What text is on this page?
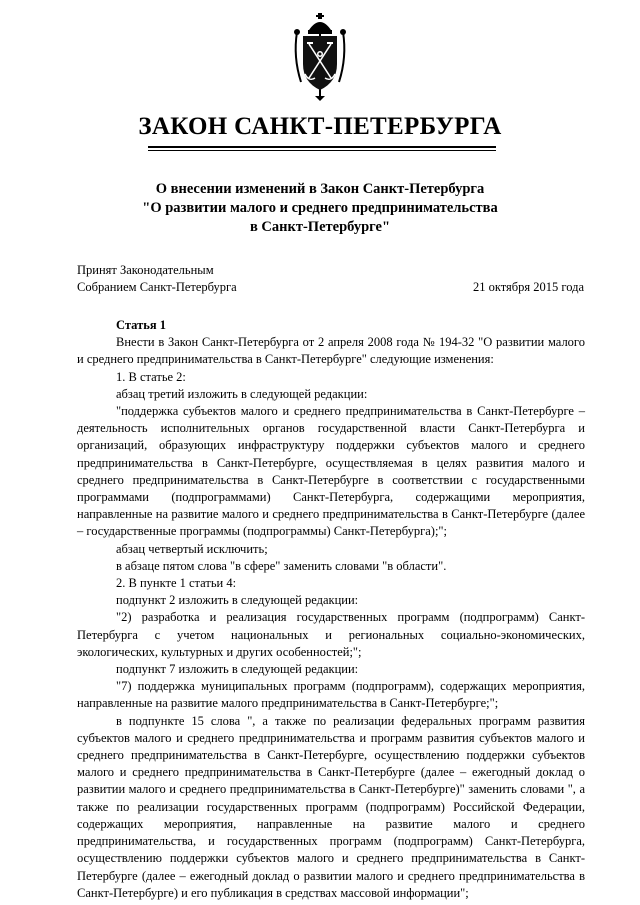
ЗАКОН САНКТ-ПЕТЕРБУРГА
О внесении изменений в Закон Санкт-Петербурга
"О развитии малого и среднего предпринимательства
в Санкт-Петербурге"
Принят Законодательным
Собранием Санкт-Петербурга	21 октября 2015 года

Статья 1

Внести в Закон Санкт-Петербурга от 2 апреля 2008 года № 194-32 "О развитии малого и среднего предпринимательства в Санкт-Петербурге" следующие изменения:

1. В статье 2:

абзац третий изложить в следующей редакции:

"поддержка субъектов малого и среднего предпринимательства в Санкт-Петербурге – деятельность исполнительных органов государственной власти Санкт-Петербурга и организаций, образующих инфраструктуру поддержки субъектов малого и среднего предпринимательства в Санкт-Петербурге, осуществляемая в целях развития малого и среднего предпринимательства в Санкт-Петербурге в соответствии с государственными программами (подпрограммами) Санкт-Петербурга, содержащими мероприятия, направленные на развитие малого и среднего предпринимательства в Санкт-Петербурге (далее – государственные программы (подпрограммы) Санкт-Петербурга);";

абзац четвертый исключить;

в абзаце пятом слова "в сфере" заменить словами "в области".

2. В пункте 1 статьи 4:

подпункт 2 изложить в следующей редакции:

"2) разработка и реализация государственных программ (подпрограмм) Санкт-Петербурга с учетом национальных и региональных социально-экономических, экологических, культурных и других особенностей;";

подпункт 7 изложить в следующей редакции:

"7) поддержка муниципальных программ (подпрограмм), содержащих мероприятия, направленные на развитие малого предпринимательства в Санкт-Петербурге;";

в подпункте 15 слова ", а также по реализации федеральных программ развития субъектов малого и среднего предпринимательства и программ развития субъектов малого и среднего предпринимательства в Санкт-Петербурге, осуществлению поддержки субъектов малого и среднего предпринимательства в Санкт-Петербурге (далее – ежегодный доклад о развитии малого и среднего предпринимательства в Санкт-Петербурге)" заменить словами ", а также по реализации государственных программ (подпрограмм) Российской Федерации, содержащих мероприятия, направленные на развитие малого и среднего предпринимательства, и государственных программ (подпрограмм) Санкт-Петербурга, осуществлению поддержки субъектов малого и среднего предпринимательства в Санкт-Петербурге (далее – ежегодный доклад о развитии малого и среднего предпринимательства в Санкт-Петербурге) и его публикация в средствах массовой информации";
